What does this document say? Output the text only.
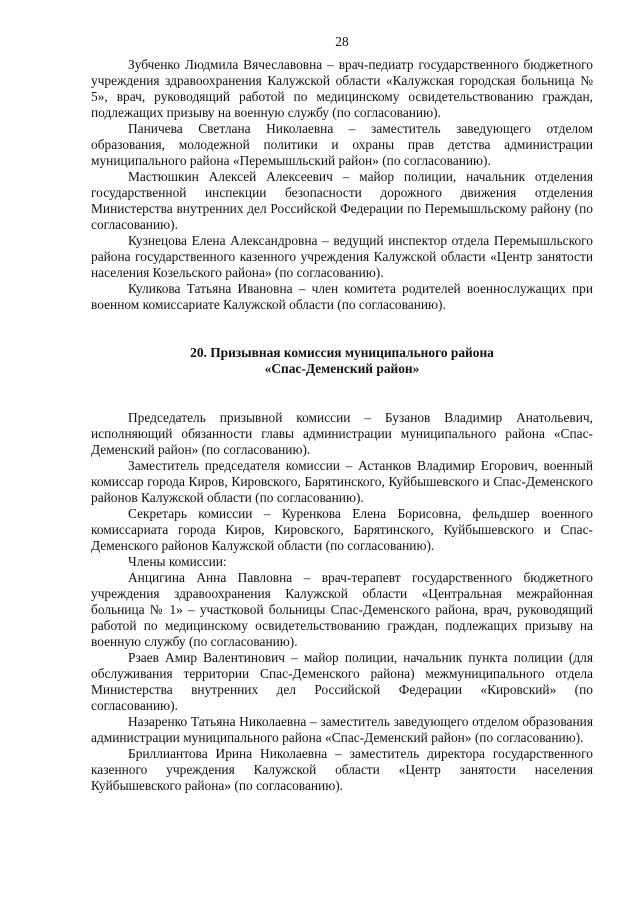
28

Зубченко Людмила Вячеславовна – врач-педиатр государственного бюджетного учреждения здравоохранения Калужской области «Калужская городская больница № 5», врач, руководящий работой по медицинскому освидетельствованию граждан, подлежащих призыву на военную службу (по согласованию).

Паничева Светлана Николаевна – заместитель заведующего отделом образования, молодежной политики и охраны прав детства администрации муниципального района «Перемышльский район» (по согласованию).

Мастюшкин Алексей Алексеевич – майор полиции, начальник отделения государственной инспекции безопасности дорожного движения отделения Министерства внутренних дел Российской Федерации по Перемышльскому району (по согласованию).

Кузнецова Елена Александровна – ведущий инспектор отдела Перемышльского района государственного казенного учреждения Калужской области «Центр занятости населения Козельского района» (по согласованию).

Куликова Татьяна Ивановна – член комитета родителей военнослужащих при военном комиссариате Калужской области (по согласованию).

20. Призывная комиссия муниципального района

«Спас-Деменский район»

Председатель призывной комиссии – Бузанов Владимир Анатольевич, исполняющий обязанности главы администрации муниципального района «Спас-Деменский район» (по согласованию).

Заместитель председателя комиссии – Астанков Владимир Егорович, военный комиссар города Киров, Кировского, Барятинского, Куйбышевского и Спас-Деменского районов Калужской области (по согласованию).

Секретарь комиссии – Куренкова Елена Борисовна, фельдшер военного комиссариата города Киров, Кировского, Барятинского, Куйбышевского и Спас-Деменского районов Калужской области (по согласованию).

Члены комиссии:

Анцигина Анна Павловна – врач-терапевт государственного бюджетного учреждения здравоохранения Калужской области «Центральная межрайонная больница № 1» – участковой больницы Спас-Деменского района, врач, руководящий работой по медицинскому освидетельствованию граждан, подлежащих призыву на военную службу (по согласованию).

Рзаев Амир Валентинович – майор полиции, начальник пункта полиции (для обслуживания территории Спас-Деменского района) межмуниципального отдела Министерства внутренних дел Российской Федерации «Кировский» (по согласованию).

Назаренко Татьяна Николаевна – заместитель заведующего отделом образования администрации муниципального района «Спас-Деменский район» (по согласованию).

Бриллиантова Ирина Николаевна – заместитель директора государственного казенного учреждения Калужской области «Центр занятости населения Куйбышевского района» (по согласованию).
